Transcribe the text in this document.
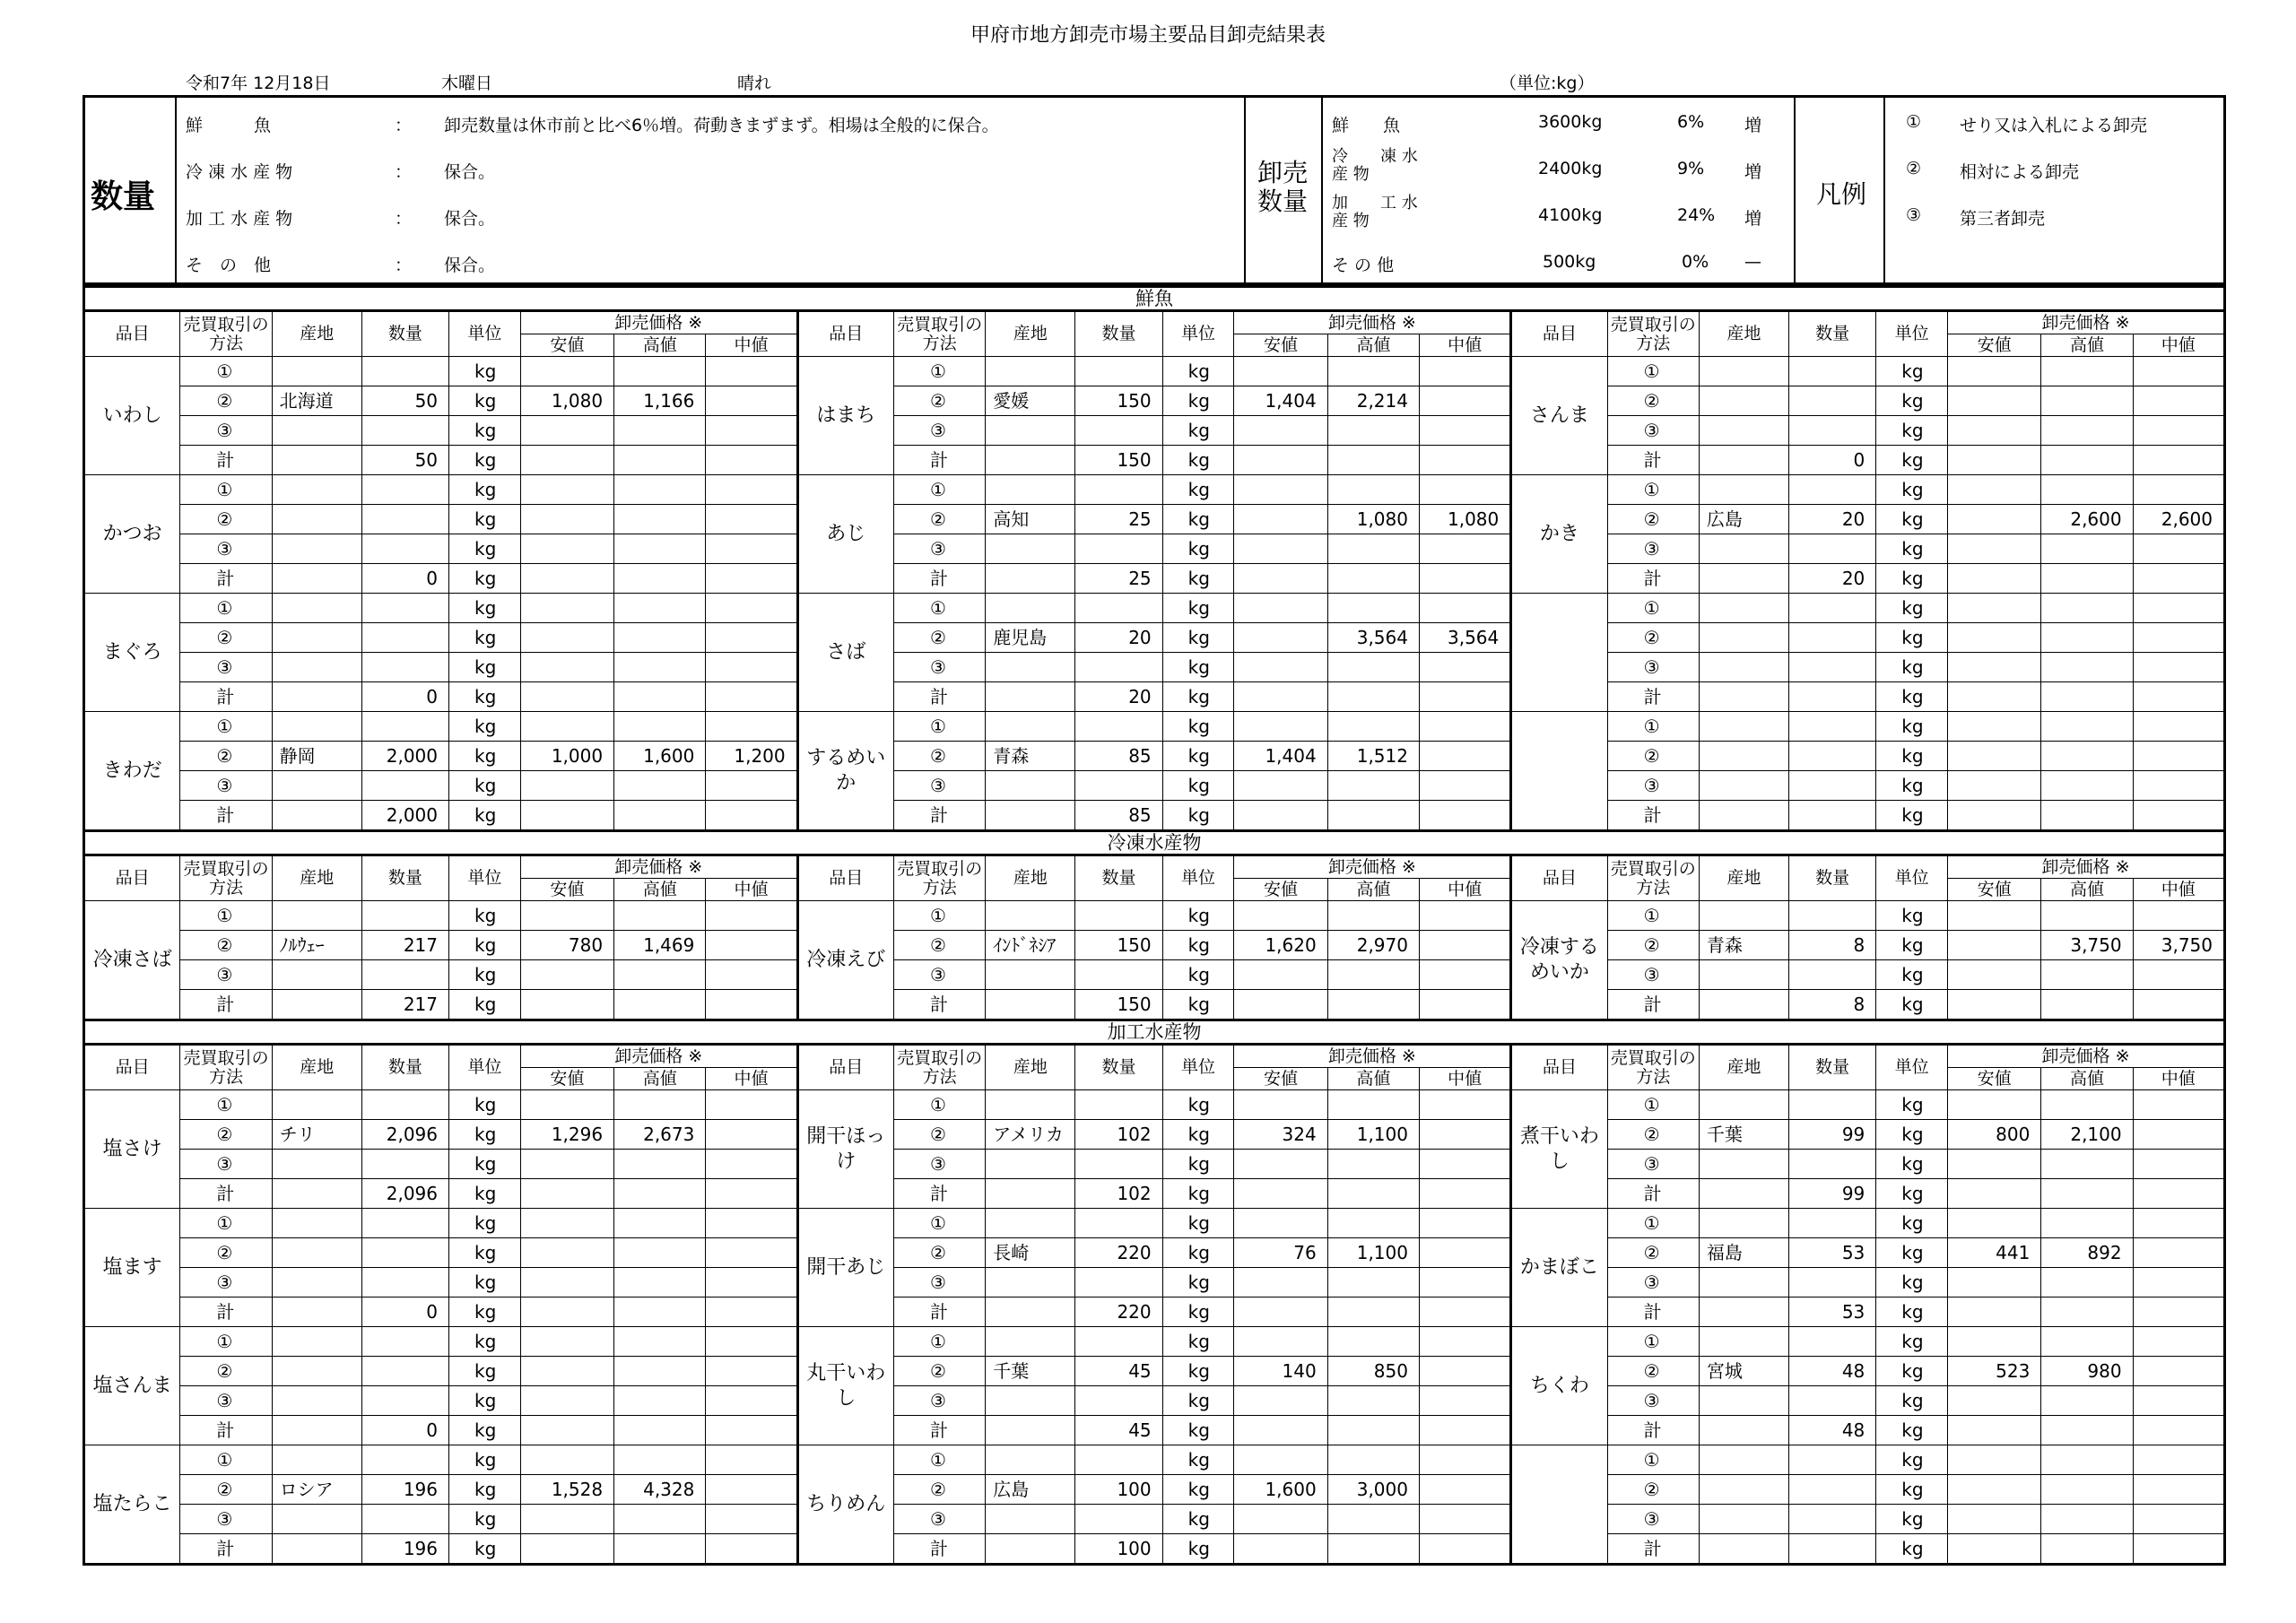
甲府市地方卸売市場主要品目卸売結果表
令和7年 12月18日	木曜日	晴れ	（単位:kg）
数量
鮮　　　魚	： 卸売数量は休市前と比べ6％増。荷動きまずまず。相場は全般的に保合。
冷 凍 水 産 物	： 保合。
加 工 水 産 物	： 保合。
そ　の　他	： 保合。
卸売数量
鮮　　魚	3600kg	6% 増
冷　　凍 水 産 物	2400kg	9% 増
加　　工 水 産 物	4100kg	24% 増
そ の 他	500kg	0% —
凡例
① せり又は入札による卸売
② 相対による卸売
③ 第三者卸売
鮮魚																							
品目	売買取引の方法	産地	数量	単位	卸売価格 ※			品目	売買取引の方法	産地	数量	単位	卸売価格 ※			品目	売買取引の方法	産地	数量	単位	卸売価格 ※		
					安値	高値	中値						安値	高値	中値						安値	高値	中値
いわし	①			kg				はまち	①			kg				さんま	①			kg			
	②	北海道	50	kg	1,080	1,166			②	愛媛	150	kg	1,404	2,214			②			kg			
	③			kg					③			kg					③			kg			
	計		50	kg					計		150	kg					計		0	kg			
かつお	①			kg				あじ	①			kg				かき	①			kg			
	②			kg					②	高知	25	kg		1,080	1,080		②	広島	20	kg		2,600	2,600
	③			kg					③			kg					③			kg			
	計		0	kg					計		25	kg					計		20	kg			
まぐろ	①			kg				さば	①			kg					①			kg			
	②			kg					②	鹿児島	20	kg		3,564	3,564		②			kg			
	③			kg					③			kg					③			kg			
	計		0	kg					計		20	kg					計			kg			
きわだ	①			kg				するめいか	①			kg					①			kg			
	②	静岡	2,000	kg	1,000	1,600	1,200		②	青森	85	kg	1,404	1,512			②			kg			
	③			kg					③			kg					③			kg			
	計		2,000	kg					計		85	kg					計			kg			
冷凍水産物																							
品目	売買取引の方法	産地	数量	単位	卸売価格 ※			品目	売買取引の方法	産地	数量	単位	卸売価格 ※			品目	売買取引の方法	産地	数量	単位	卸売価格 ※		
					安値	高値	中値						安値	高値	中値						安値	高値	中値
冷凍さば	①			kg				冷凍えび	①			kg				冷凍するめいか	①			kg			
	②	ﾉﾙｳｪｰ	217	kg	780	1,469			②	ｲﾝﾄﾞﾈｼｱ	150	kg	1,620	2,970			②	青森	8	kg		3,750	3,750
	③			kg					③			kg					③			kg			
	計		217	kg					計		150	kg					計		8	kg			
加工水産物																							
品目	売買取引の方法	産地	数量	単位	卸売価格 ※			品目	売買取引の方法	産地	数量	単位	卸売価格 ※			品目	売買取引の方法	産地	数量	単位	卸売価格 ※		
					安値	高値	中値						安値	高値	中値						安値	高値	中値
塩さけ	①			kg				開干ほっけ	①			kg				煮干いわし	①			kg			
	②	チリ	2,096	kg	1,296	2,673			②	アメリカ	102	kg	324	1,100			②	千葉	99	kg	800	2,100	
	③			kg					③			kg					③			kg			
	計		2,096	kg					計		102	kg					計		99	kg			
塩ます	①			kg				開干あじ	①			kg				かまぼこ	①			kg			
	②			kg					②	長崎	220	kg	76	1,100			②	福島	53	kg	441	892	
	③			kg					③			kg					③			kg			
	計		0	kg					計		220	kg					計		53	kg			
塩さんま	①			kg				丸干いわし	①			kg				ちくわ	①			kg			
	②			kg					②	千葉	45	kg	140	850			②	宮城	48	kg	523	980	
	③			kg					③			kg					③			kg			
	計		0	kg					計		45	kg					計		48	kg			
塩たらこ	①			kg				ちりめん	①			kg					①			kg			
	②	ロシア	196	kg	1,528	4,328			②	広島	100	kg	1,600	3,000			②			kg			
	③			kg					③			kg					③			kg			
	計		196	kg					計		100	kg					計			kg			
